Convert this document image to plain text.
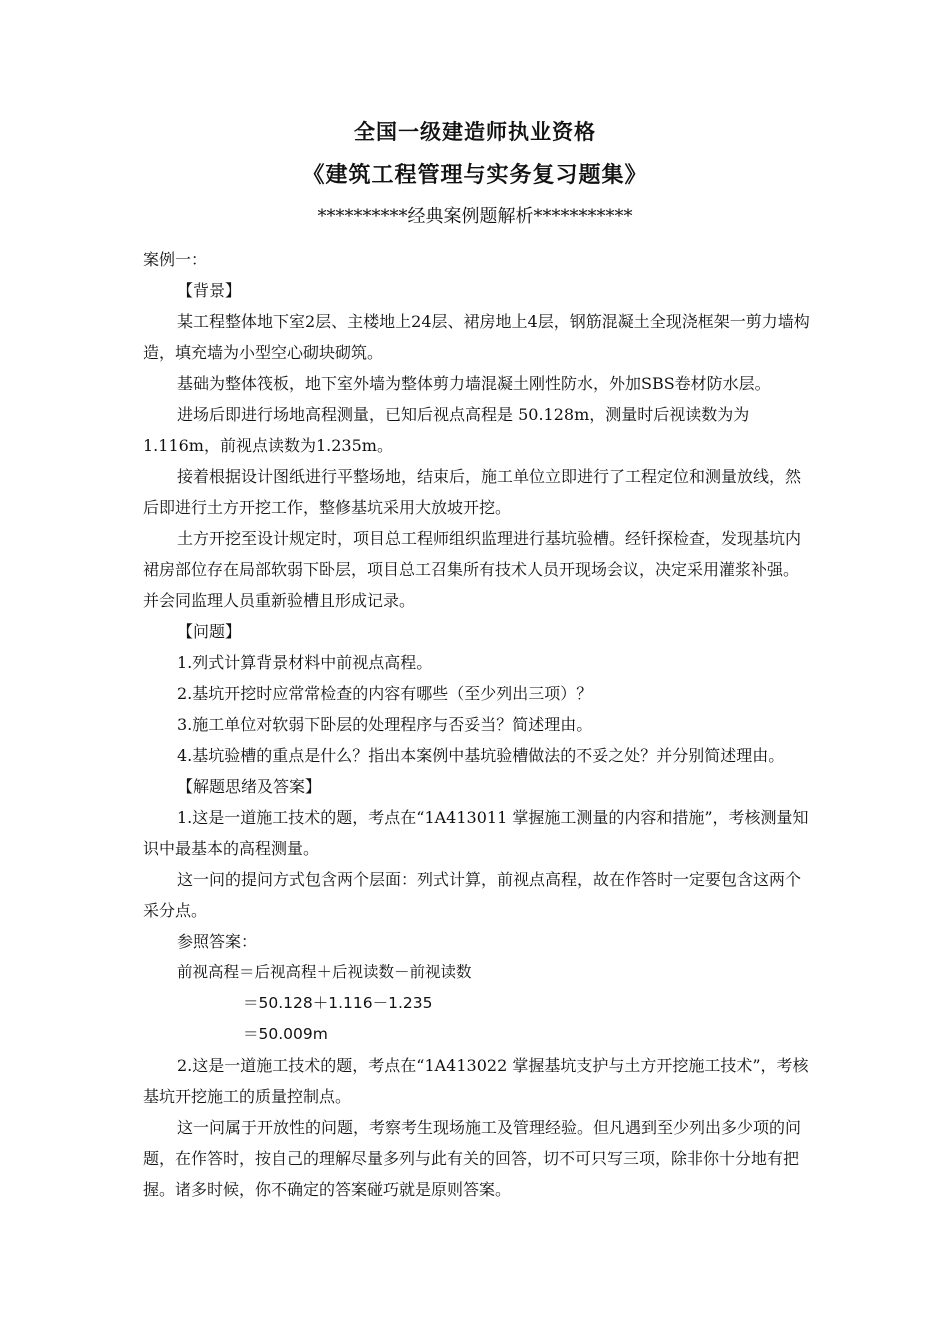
全国一级建造师执业资格
《建筑工程管理与实务复习题集》
**********经典案例题解析***********

案例一：

【背景】

某工程整体地下室2层、主楼地上24层、裙房地上4层，钢筋混凝土全现浇框架一剪力墙构造，填充墙为小型空心砌块砌筑。

基础为整体筏板，地下室外墙为整体剪力墙混凝土刚性防水，外加SBS卷材防水层。

进场后即进行场地高程测量，已知后视点高程是 50.128m，测量时后视读数为为1.116m，前视点读数为1.235m。

接着根据设计图纸进行平整场地，结束后，施工单位立即进行了工程定位和测量放线，然后即进行土方开挖工作，整修基坑采用大放坡开挖。

土方开挖至设计规定时，项目总工程师组织监理进行基坑验槽。经钎探检查，发现基坑内裙房部位存在局部软弱下卧层，项目总工召集所有技术人员开现场会议，决定采用灌浆补强。并会同监理人员重新验槽且形成记录。

【问题】

1.列式计算背景材料中前视点高程。

2.基坑开挖时应常常检查的内容有哪些（至少列出三项）？

3.施工单位对软弱下卧层的处理程序与否妥当？简述理由。

4.基坑验槽的重点是什么？指出本案例中基坑验槽做法的不妥之处？并分别简述理由。

【解题思绪及答案】

1.这是一道施工技术的题，考点在“1A413011 掌握施工测量的内容和措施”，考核测量知识中最基本的高程测量。

这一问的提问方式包含两个层面：列式计算，前视点高程，故在作答时一定要包含这两个采分点。

参照答案：

前视高程＝后视高程＋后视读数－前视读数

＝50.128＋1.116－1.235

＝50.009m

2.这是一道施工技术的题，考点在“1A413022 掌握基坑支护与土方开挖施工技术”，考核基坑开挖施工的质量控制点。

这一问属于开放性的问题，考察考生现场施工及管理经验。但凡遇到至少列出多少项的问题，在作答时，按自己的理解尽量多列与此有关的回答，切不可只写三项，除非你十分地有把握。诸多时候，你不确定的答案碰巧就是原则答案。
